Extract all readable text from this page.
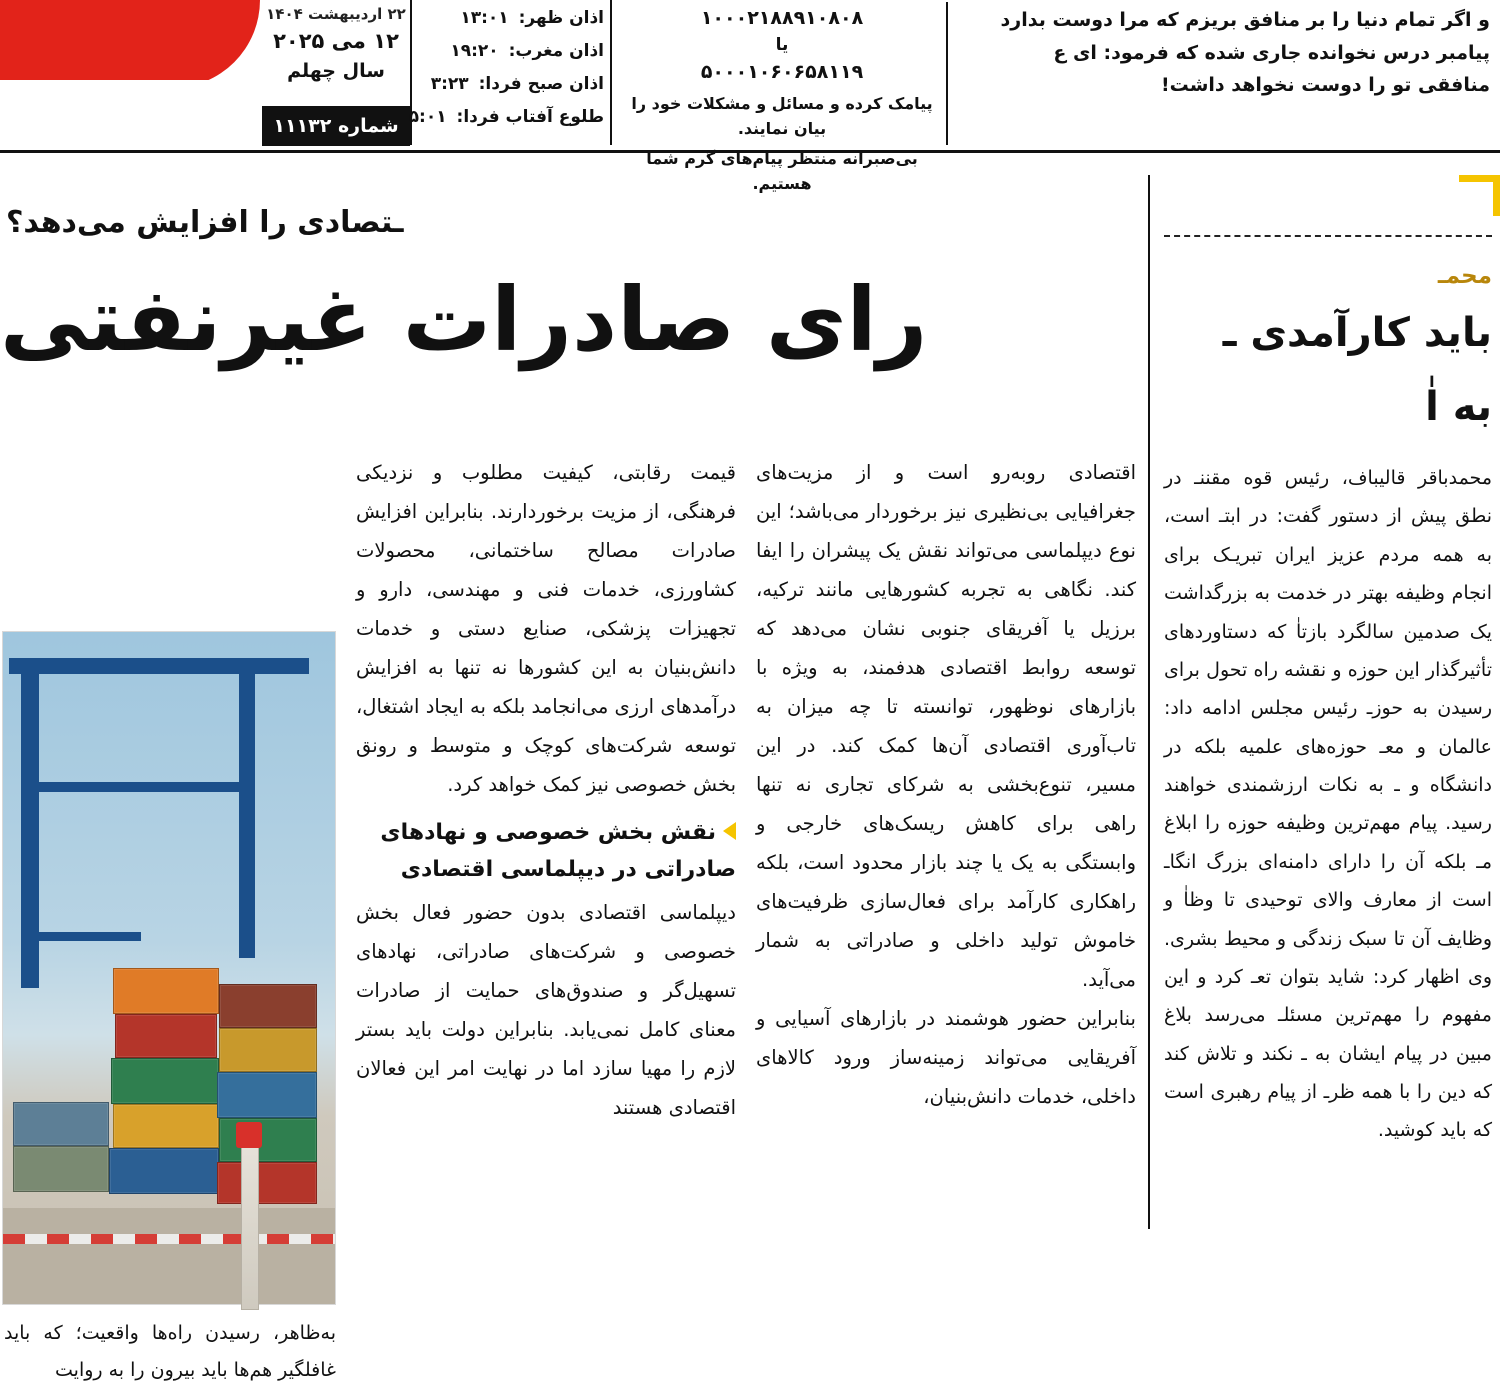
۲۲ اردیبهشت ۱۴۰۴
۱۲ می ۲۰۲۵
سال چهلم
شماره ۱۱۱۳۲
اذان ظهر: ۱۳:۰۱
اذان مغرب: ۱۹:۲۰
اذان صبح فردا: ۳:۲۳
طلوع آفتاب فردا: ۵:۰۱
۱۰۰۰۲۱۸۸۹۱۰۸۰۸
یا
۵۰۰۰۱۰۶۰۶۵۸۱۱۹
پیامک کرده و مسائل و مشکلات خود را بیان نمایند.
بی‌صبرانه منتظر پیام‌های گرم شما هستیم.

و اگر تمام دنیا را بر منافق بریزم که مرا دوست بدارد

پیامبر درس نخوانده جاری شده که فرمود: ای ع

منافقی تو را دوست نخواهد داشت!

ـتصادی را افزایش می‌دهد؟
رای صادرات غیرنفتی

اقتصادی روبه‌رو است و از مزیت‌های جغرافیایی بی‌نظیری نیز برخوردار می‌باشد؛ این نوع دیپلماسی می‌تواند نقش یک پیشران را ایفا کند. نگاهی به تجربه کشورهایی مانند ترکیه، برزیل یا آفریقای جنوبی نشان می‌دهد که توسعه روابط اقتصادی هدفمند، به ویژه با بازارهای نوظهور، توانسته تا چه میزان به تاب‌آوری اقتصادی آن‌ها کمک کند. در این مسیر، تنوع‌بخشی به شرکای تجاری نه تنها راهی برای کاهش ریسک‌های خارجی و وابستگی به یک یا چند بازار محدود است، بلکه راهکاری کارآمد برای فعال‌سازی ظرفیت‌های خاموش تولید داخلی و صادراتی به شمار می‌آید.

بنابراین حضور هوشمند در بازارهای آسیایی و آفریقایی می‌تواند زمینه‌ساز ورود کالاهای داخلی، خدمات دانش‌بنیان،

قیمت رقابتی، کیفیت مطلوب و نزدیکی فرهنگی، از مزیت برخوردارند. بنابراین افزایش صادرات مصالح ساختمانی، محصولات کشاورزی، خدمات فنی و مهندسی، دارو و تجهیزات پزشکی، صنایع دستی و خدمات دانش‌بنیان به این کشورها نه تنها به افزایش درآمدهای ارزی می‌انجامد بلکه به ایجاد اشتغال، توسعه شرکت‌های کوچک و متوسط و رونق بخش خصوصی نیز کمک خواهد کرد.

نقش بخش خصوصی و نهادهای صادراتی در دیپلماسی اقتصادی

دیپلماسی اقتصادی بدون حضور فعال بخش خصوصی و شرکت‌های صادراتی، نهادهای تسهیل‌گر و صندوق‌های حمایت از صادرات معنای کامل نمی‌یابد. بنابراین دولت باید بستر لازم را مهیا سازد اما در نهایت امر این فعالان اقتصادی هستند

به‌ظاهر، رسیدن راه‌ها واقعیت؛ که باید غافلگیر هم‌ها باید بیرون را به روایت
محمـ
باید کارآمدی ـ
به اٰ

محمدباقر قالیباف، رئیس قوه مقننـ در نطق پیش از دستور گفت: در ابتـ است، به همه مردم عزیز ایران تبریـک برای انجام وظیفه بهتر در خدمت به بزرگداشت یک صدمین سالگرد بازتاٰ که دستاوردهای تأثیرگذار این حوزه و نقشه راه تحول برای رسیدن به حوزـ رئیس مجلس ادامه داد: عالمان و معـ حوزه‌های علمیه بلکه در دانشگاه و ـ به نکات ارزشمندی خواهند رسید. پیام مهم‌ترین وظیفه حوزه را ابلاغ مـ بلکه آن را دارای دامنه‌ای بزرگ انگاـ است از معارف والای توحیدی تا وظاٰ و وظایف آن تا سبک زندگی و محیط بشری. وی اظهار کرد: شاید بتوان تعـ کرد و این مفهوم را مهم‌ترین مسئلـ می‌رسد بلاغ مبین در پیام ایشان به ـ نکند و تلاش کند که دین را با همه ظرـ از پیام رهبری است که باید کوشید.
